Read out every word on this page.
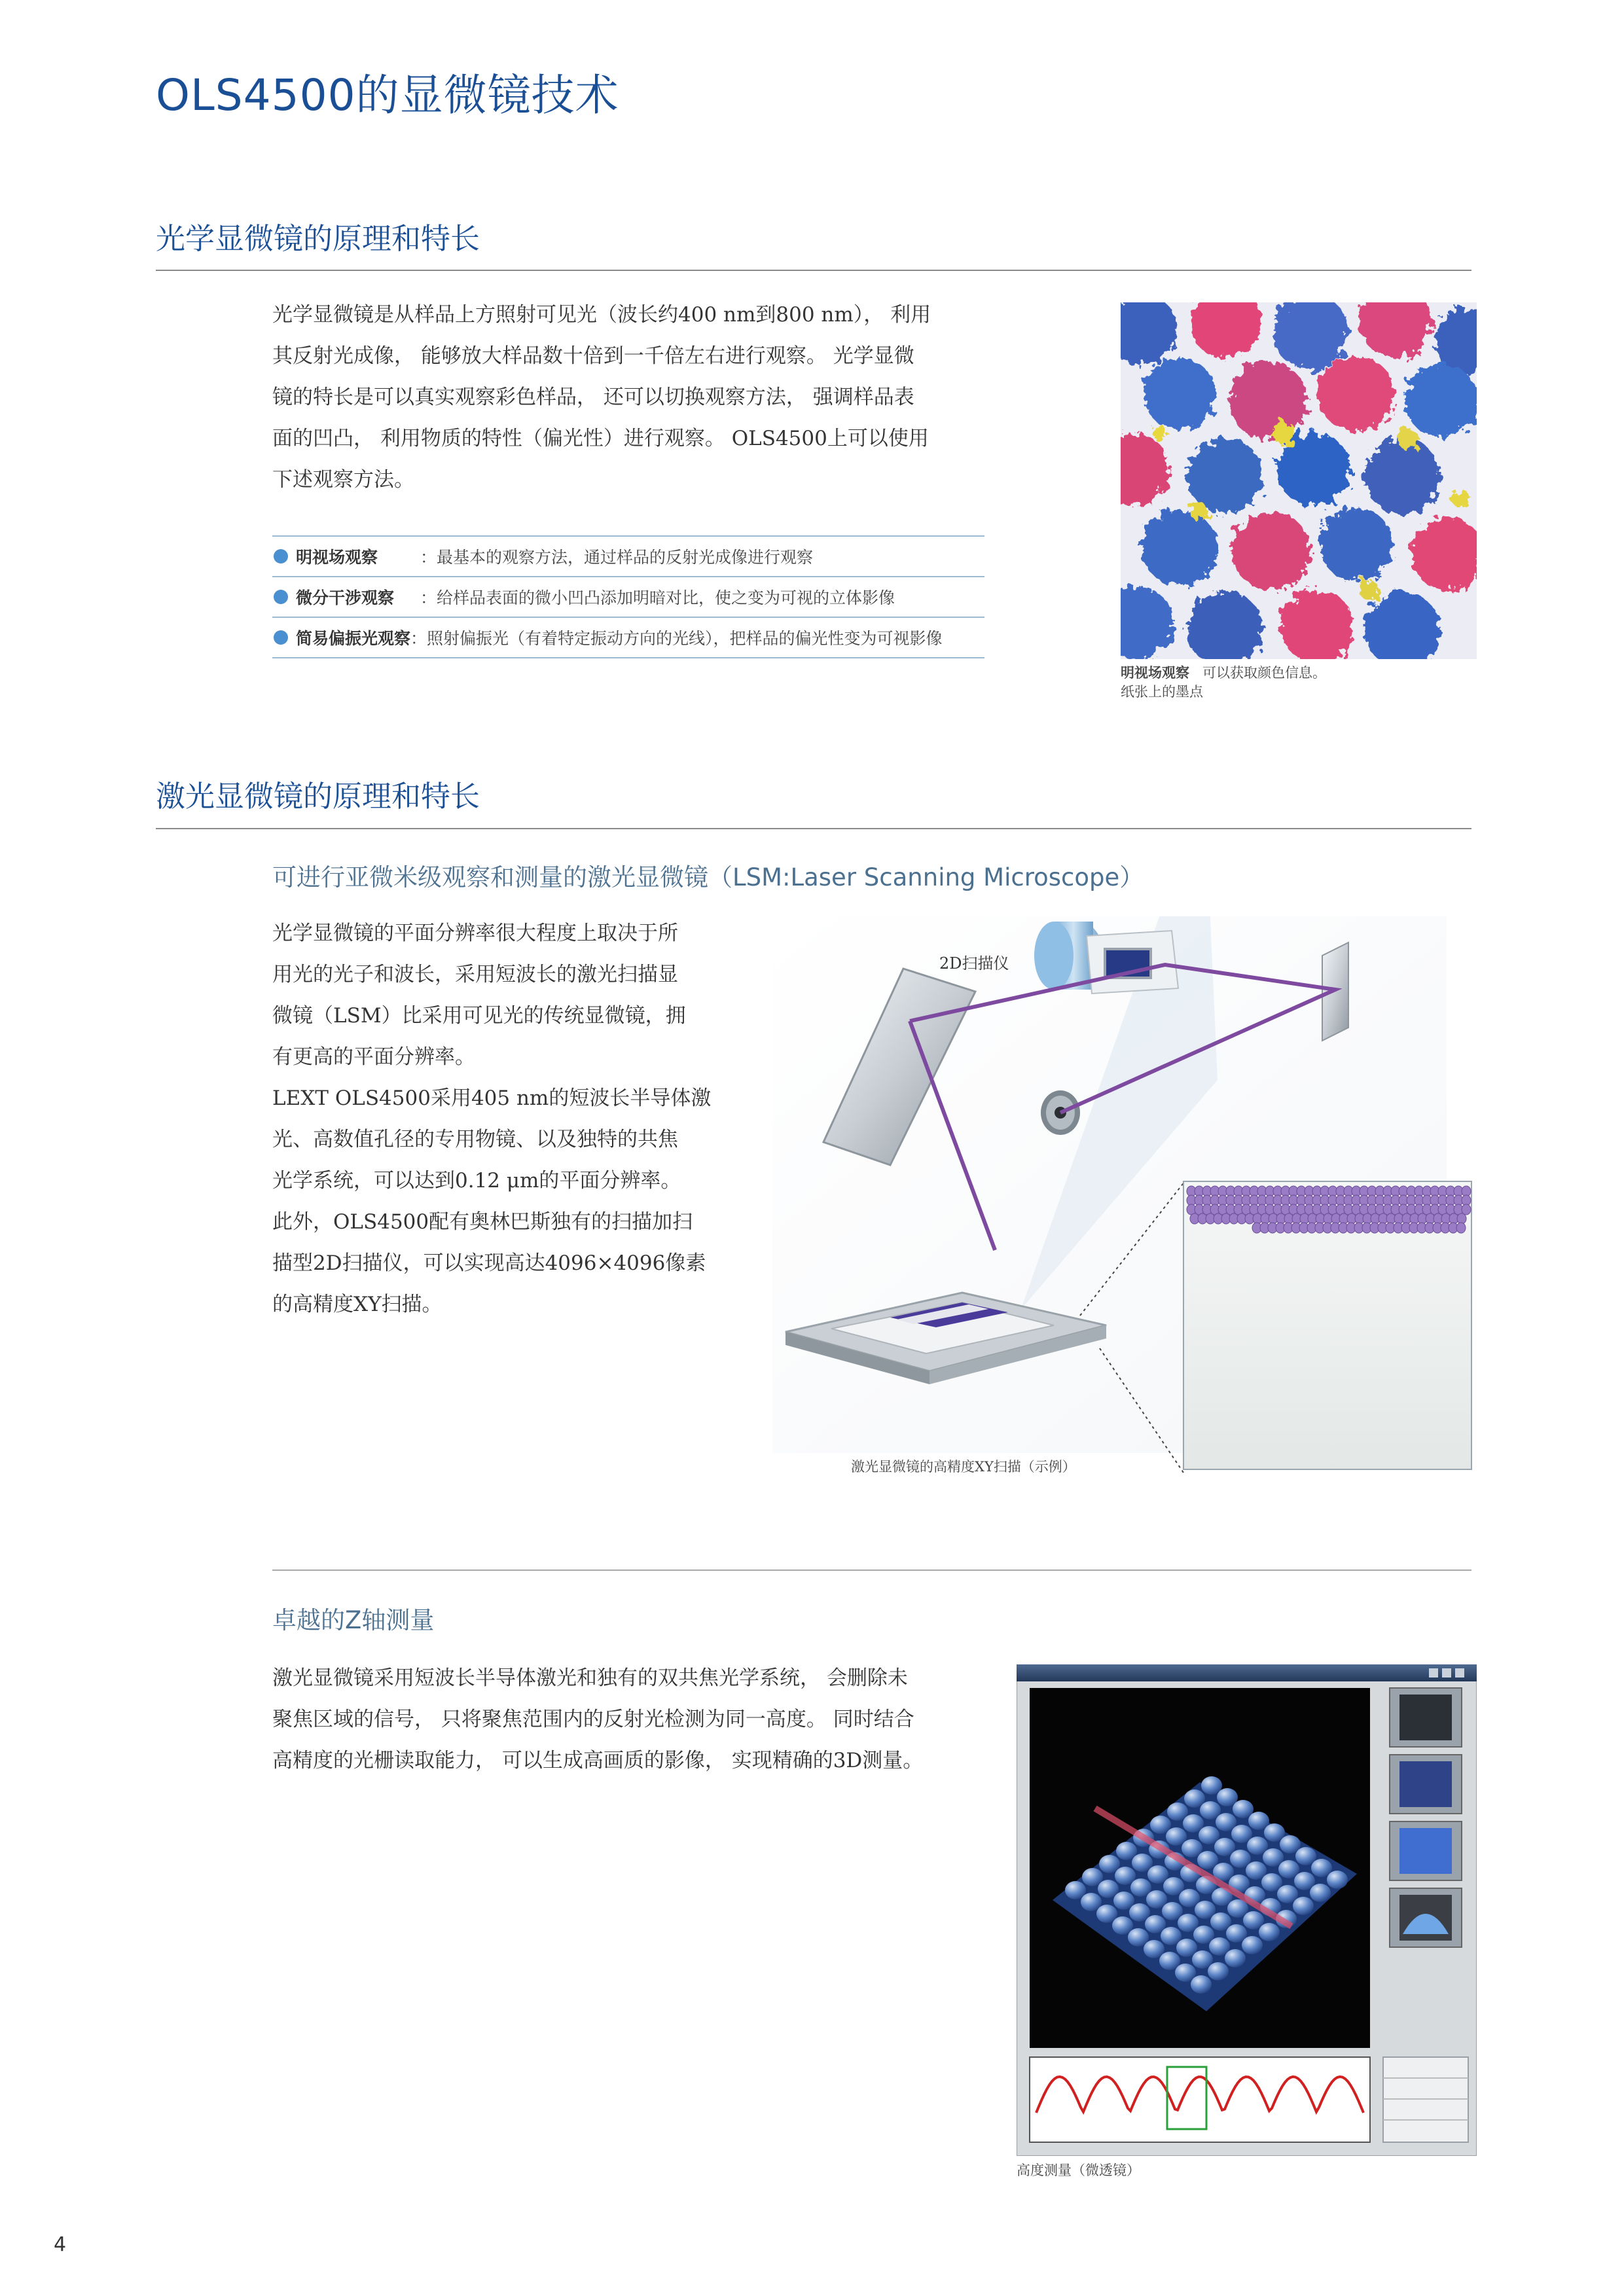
OLS4500的显微镜技术
光学显微镜的原理和特长
光学显微镜是从样品上方照射可见光（波长约400 nm到800 nm）， 利用
其反射光成像， 能够放大样品数十倍到一千倍左右进行观察。 光学显微
镜的特长是可以真实观察彩色样品， 还可以切换观察方法， 强调样品表
面的凹凸， 利用物质的特性（偏光性）进行观察。 OLS4500上可以使用
下述观察方法。
明视场观察	： 最基本的观察方法，通过样品的反射光成像进行观察
微分干涉观察	： 给样品表面的微小凹凸添加明暗对比，使之变为可视的立体影像
简易偏振光观察 ： 照射偏振光（有着特定振动方向的光线），把样品的偏光性变为可视影像
明视场观察 可以获取颜色信息。
纸张上的墨点
激光显微镜的原理和特长
可进行亚微米级观察和测量的激光显微镜（LSM:Laser Scanning Microscope）
光学显微镜的平面分辨率很大程度上取决于所
用光的光子和波长，采用短波长的激光扫描显
微镜（LSM）比采用可见光的传统显微镜，拥
有更高的平面分辨率。
LEXT OLS4500采用405 nm的短波长半导体激
光、高数值孔径的专用物镜、以及独特的共焦
光学系统，可以达到0.12 μm的平面分辨率。
此外，OLS4500配有奥林巴斯独有的扫描加扫
描型2D扫描仪，可以实现高达4096×4096像素
的高精度XY扫描。
2D扫描仪
激光显微镜的高精度XY扫描（示例）
卓越的Z轴测量
激光显微镜采用短波长半导体激光和独有的双共焦光学系统， 会删除未
聚焦区域的信号， 只将聚焦范围内的反射光检测为同一高度。 同时结合
高精度的光栅读取能力， 可以生成高画质的影像， 实现精确的3D测量。
高度测量（微透镜）
4
